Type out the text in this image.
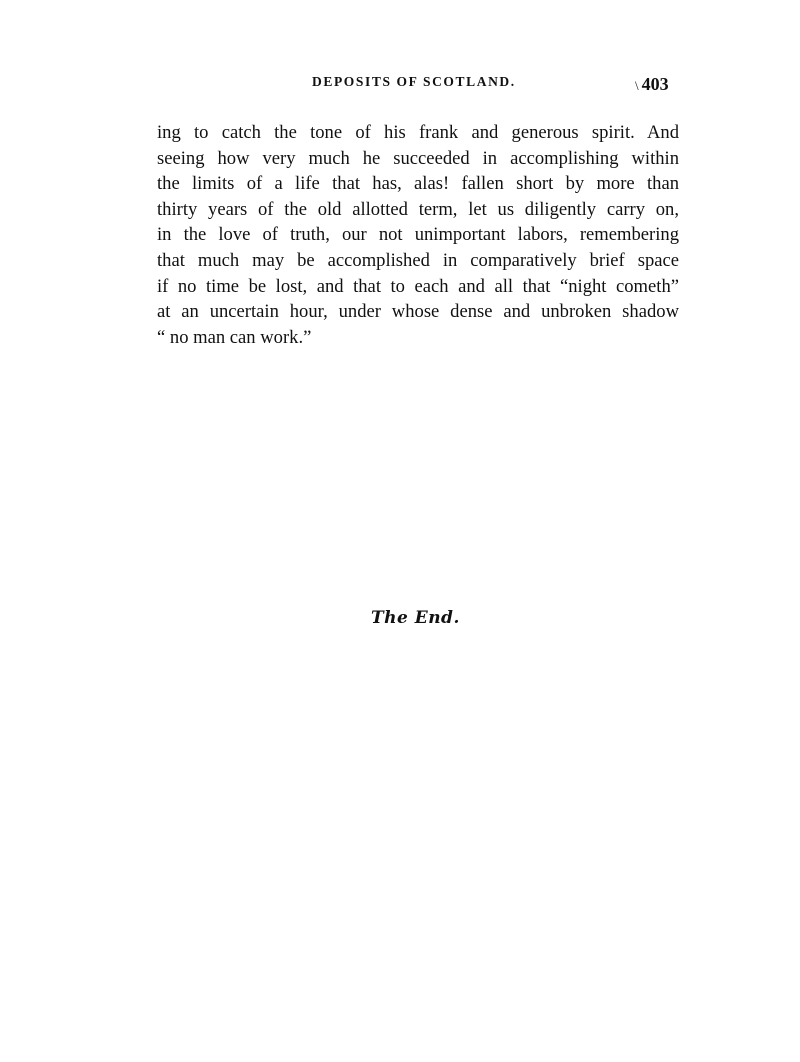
DEPOSITS OF SCOTLAND.	\ 403
ing to catch the tone of his frank and generous spirit. And
seeing how very much he succeeded in accomplishing within
the limits of a life that has, alas! fallen short by more than
thirty years of the old allotted term, let us diligently carry on,
in the love of truth, our not unimportant labors, remembering
that much may be accomplished in comparatively brief space
if no time be lost, and that to each and all that “night cometh”
at an uncertain hour, under whose dense and unbroken shadow
“ no man can work.”
The End.
